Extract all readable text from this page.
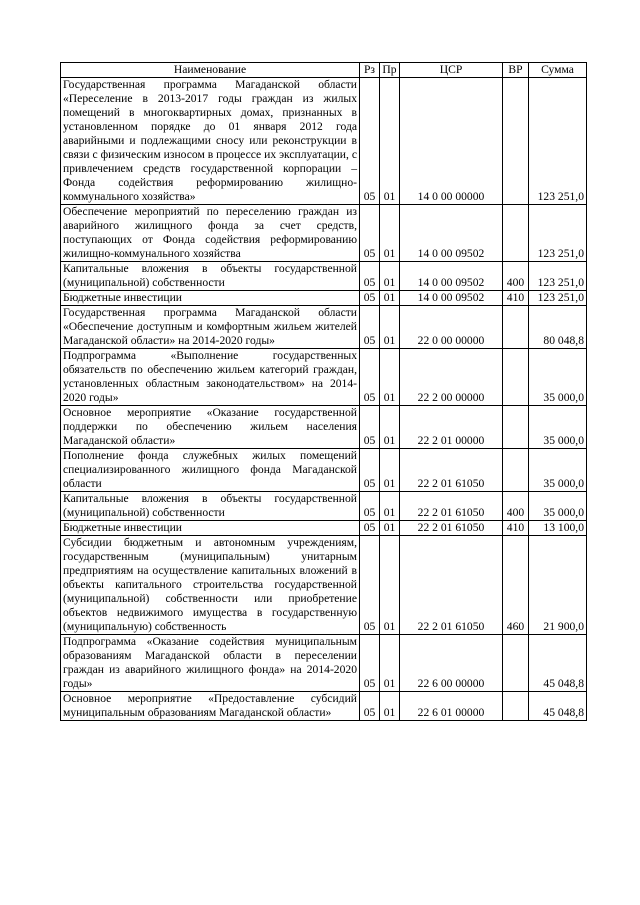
Наименование	Рз	Пр	ЦСР	ВР	Сумма
Государственная программа Магаданской области «Переселение в 2013-2017 годы граждан из жилых помещений в многоквартирных домах, признанных в установленном порядке до 01 января 2012 года аварийными и подлежащими сносу или реконструкции в связи с физическим износом в процессе их эксплуатации, с привлечением средств государственной корпорации – Фонда содействия реформированию жилищно-коммунального хозяйства»	05	01	14 0 00 00000		123 251,0
Обеспечение мероприятий по переселению граждан из аварийного жилищного фонда за счет средств, поступающих от Фонда содействия реформированию жилищно-коммунального хозяйства	05	01	14 0 00 09502		123 251,0
Капитальные вложения в объекты государственной (муниципальной) собственности	05	01	14 0 00 09502	400	123 251,0
Бюджетные инвестиции	05	01	14 0 00 09502	410	123 251,0
Государственная программа Магаданской области «Обеспечение доступным и комфортным жильем жителей Магаданской области» на 2014-2020 годы»	05	01	22 0 00 00000		80 048,8
Подпрограмма «Выполнение государственных обязательств по обеспечению жильем категорий граждан, установленных областным законодательством» на 2014-2020 годы»	05	01	22 2 00 00000		35 000,0
Основное мероприятие «Оказание государственной поддержки по обеспечению жильем населения Магаданской области»	05	01	22 2 01 00000		35 000,0
Пополнение фонда служебных жилых помещений специализированного жилищного фонда Магаданской области	05	01	22 2 01 61050		35 000,0
Капитальные вложения в объекты государственной (муниципальной) собственности	05	01	22 2 01 61050	400	35 000,0
Бюджетные инвестиции	05	01	22 2 01 61050	410	13 100,0
Субсидии бюджетным и автономным учреждениям, государственным (муниципальным) унитарным предприятиям на осуществление капитальных вложений в объекты капитального строительства государственной (муниципальной) собственности или приобретение объектов недвижимого имущества в государственную (муниципальную) собственность	05	01	22 2 01 61050	460	21 900,0
Подпрограмма «Оказание содействия муниципальным образованиям Магаданской области в переселении граждан из аварийного жилищного фонда» на 2014-2020 годы»	05	01	22 6 00 00000		45 048,8
Основное мероприятие «Предоставление субсидий муниципальным образованиям Магаданской области»	05	01	22 6 01 00000		45 048,8
